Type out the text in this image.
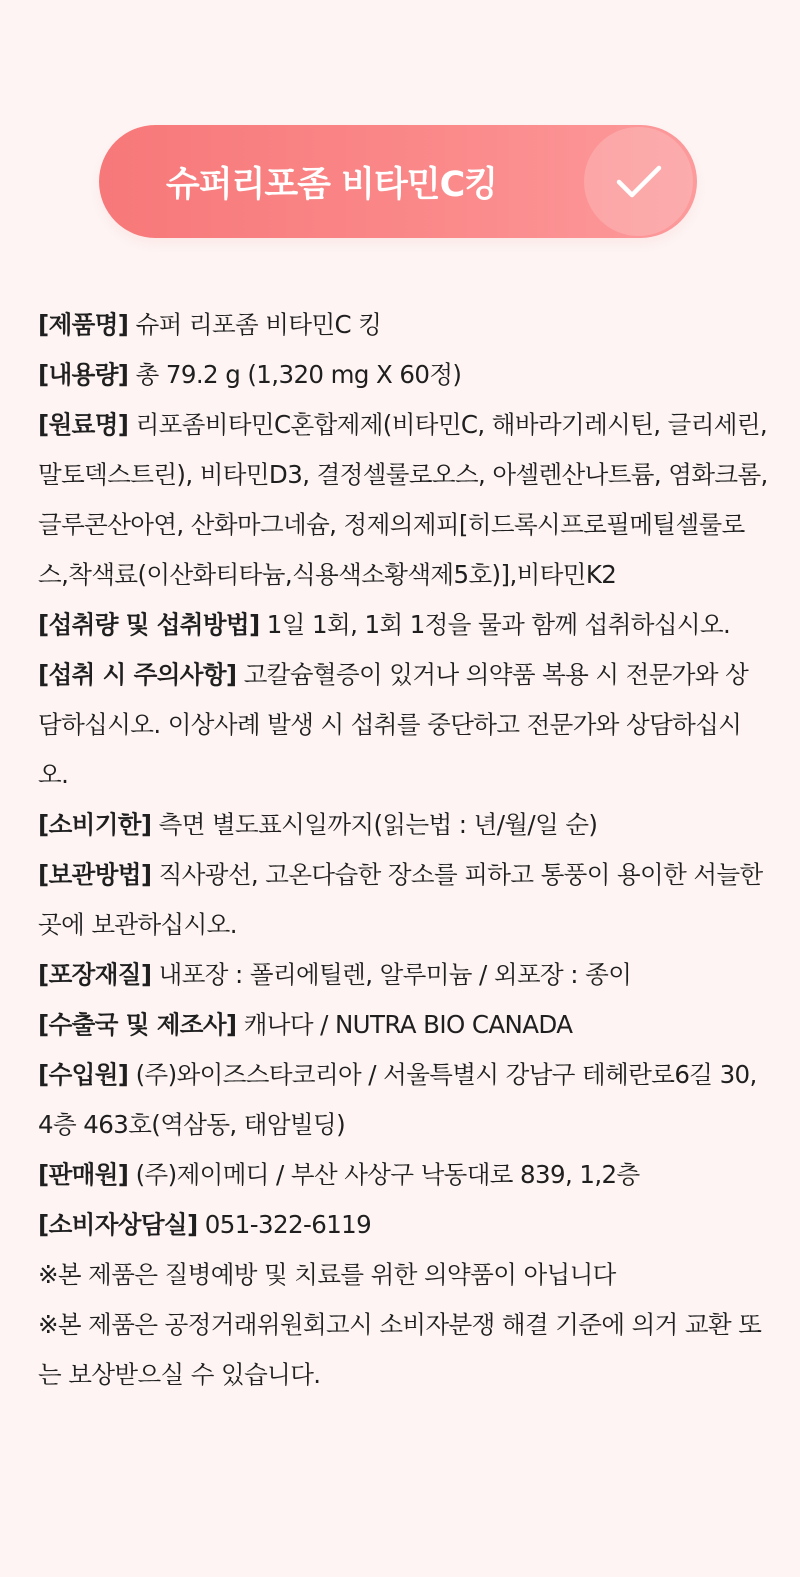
슈퍼리포좀 비타민C킹

[제품명] 슈퍼 리포좀 비타민C 킹

[내용량] 총 79.2 g (1,320 mg X 60정)

[원료명] 리포좀비타민C혼합제제(비타민C, 해바라기레시틴, 글리세린, 말토덱스트린), 비타민D3, 결정셀룰로오스, 아셀렌산나트륨, 염화크롬, 글루콘산아연, 산화마그네슘, 정제의제피[히드록시프로필메틸셀룰로스,착색료(이산화티타늄,식용색소황색제5호)],비타민K2

[섭취량 및 섭취방법] 1일 1회, 1회 1정을 물과 함께 섭취하십시오.

[섭취 시 주의사항] 고칼슘혈증이 있거나 의약품 복용 시 전문가와 상담하십시오. 이상사례 발생 시 섭취를 중단하고 전문가와 상담하십시오.

[소비기한] 측면 별도표시일까지(읽는법 : 년/월/일 순)

[보관방법] 직사광선, 고온다습한 장소를 피하고 통풍이 용이한 서늘한 곳에 보관하십시오.

[포장재질] 내포장 : 폴리에틸렌, 알루미늄 / 외포장 : 종이

[수출국 및 제조사] 캐나다 / NUTRA BIO CANADA

[수입원] (주)와이즈스타코리아 / 서울특별시 강남구 테헤란로6길 30, 4층 463호(역삼동, 태암빌딩)

[판매원] (주)제이메디 / 부산 사상구 낙동대로 839, 1,2층

[소비자상담실] 051-322-6119

※본 제품은 질병예방 및 치료를 위한 의약품이 아닙니다

※본 제품은 공정거래위원회고시 소비자분쟁 해결 기준에 의거 교환 또는 보상받으실 수 있습니다.
